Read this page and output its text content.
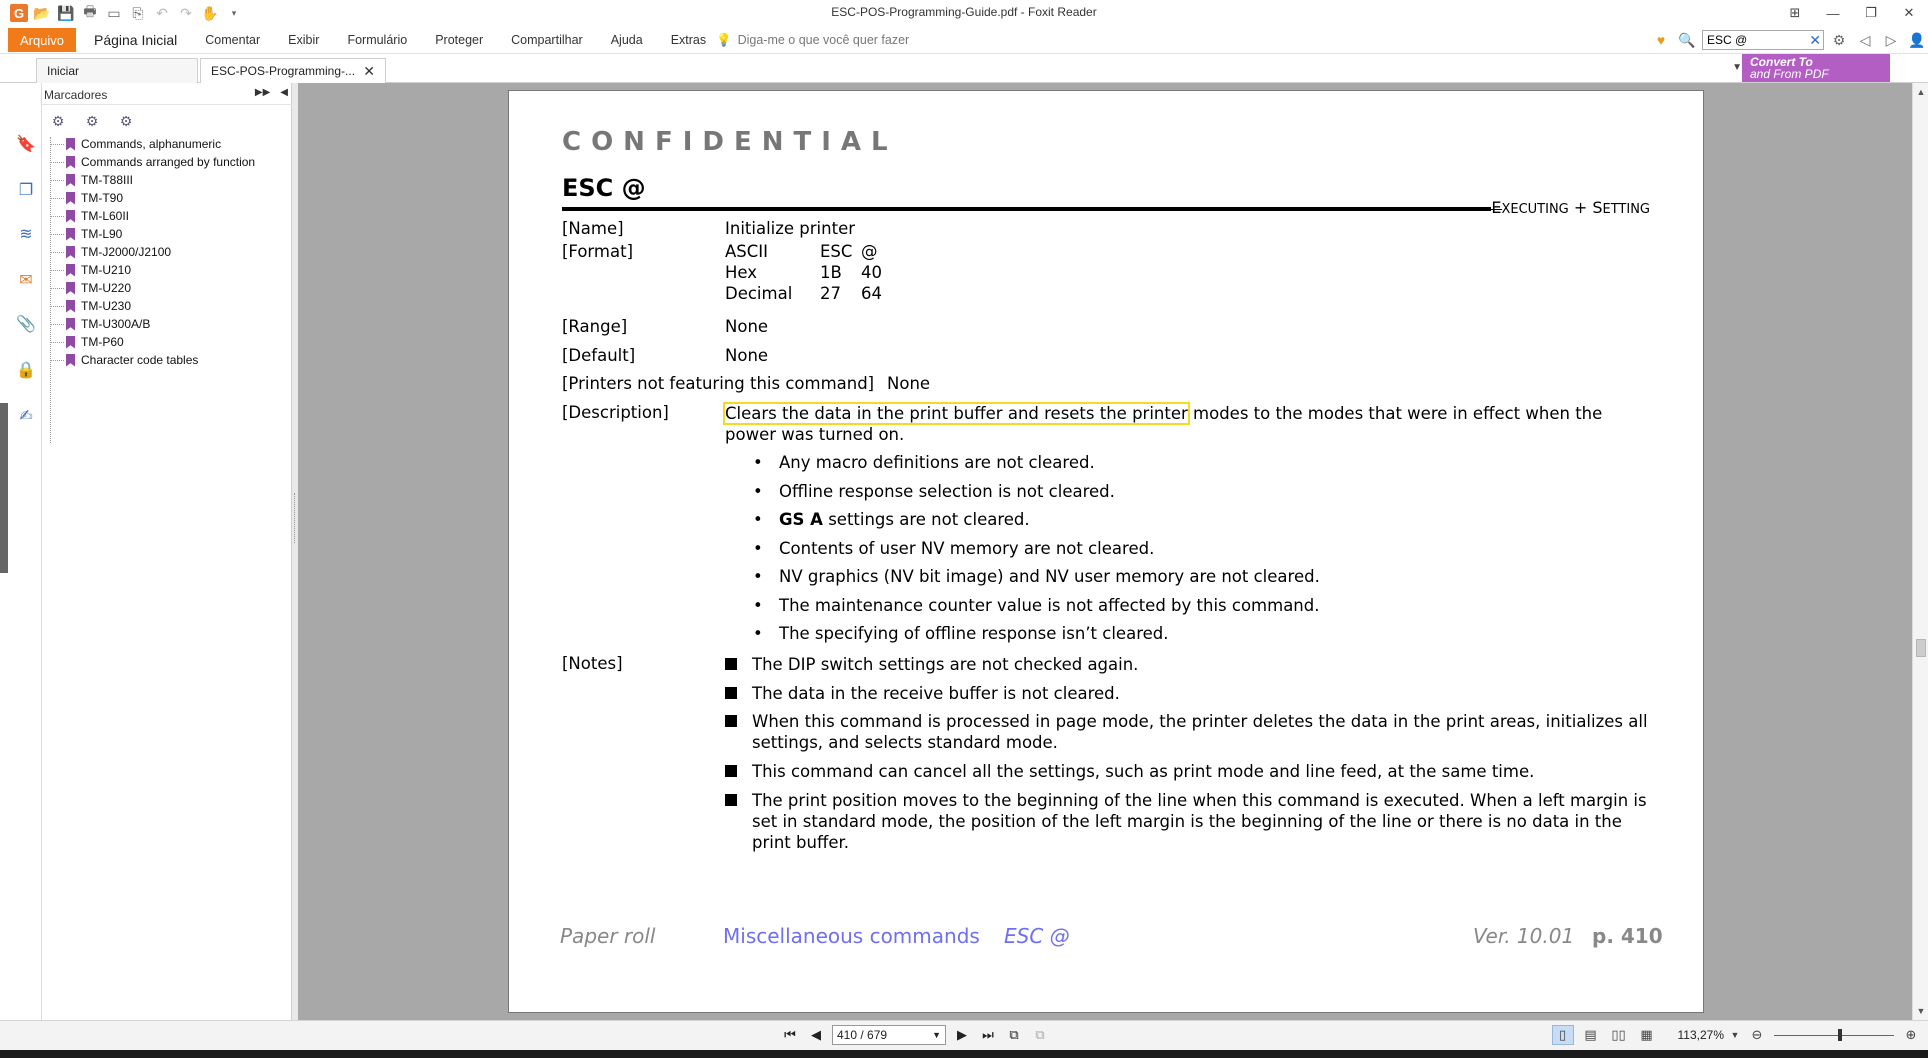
G 📂 💾 🖶 ▭ ⎘ ↶ ↷ ✋	▾	ESC-POS-Programming-Guide.pdf - Foxit Reader	⊞	—	❐	✕
Arquivo	Página Inicial	Comentar	Exibir	Formulário	Proteger	Compartilhar	Ajuda	Extras 💡 Diga-me o que você quer fazer	♥ 🔍
ESC @	✕ ⚙	◁	▷ 👤
Iniciar	ESC-POS-Programming-... ✕	▼ Convert To
and From PDF
🔖
❐
≋
✉
📎
🔒
✍
Marcadores	▶▶ ◀
⚙ ⚙ ⚙
Commands, alphanumeric
Commands arranged by function
TM-T88III
TM-T90
TM-L60II
TM-L90
TM-J2000/J2100
TM-U210
TM-U220
TM-U230
TM-U300A/B
TM-P60
Character code tables
CONFIDENTIAL
ESC @
EXECUTING + SETTING
[Name]	Initialize printer
[Format]	ASCII	ESC @
Hex	1B 40
Decimal 27 64
[Range]	None
[Default]	None
[Printers not featuring this command] None
[Description]	Clears the data in the print buffer and resets the printer modes to the modes that were in effect when the power was turned on.
• Any macro definitions are not cleared.
• Offline response selection is not cleared.
• GS A settings are not cleared.
• Contents of user NV memory are not cleared.
• NV graphics (NV bit image) and NV user memory are not cleared.
• The maintenance counter value is not affected by this command.
• The specifying of offline response isn’t cleared.
[Notes]	The DIP switch settings are not checked again.
The data in the receive buffer is not cleared.
When this command is processed in page mode, the printer deletes the data in the print areas, initializes all settings, and selects standard mode.
This command can cancel all the settings, such as print mode and line feed, at the same time.
The print position moves to the beginning of the line when this command is executed. When a left margin is set in standard mode, the position of the left margin is the beginning of the line or there is no data in the print buffer.
Paper roll	Miscellaneous commands ESC @	Ver. 10.01 p. 410
▲
▼
⏮	◀	410 / 679	▼	▶	⏭	⧉	⧉	▯	▤	▯▯	▦	113,27% ▼ ⊖	⊕
